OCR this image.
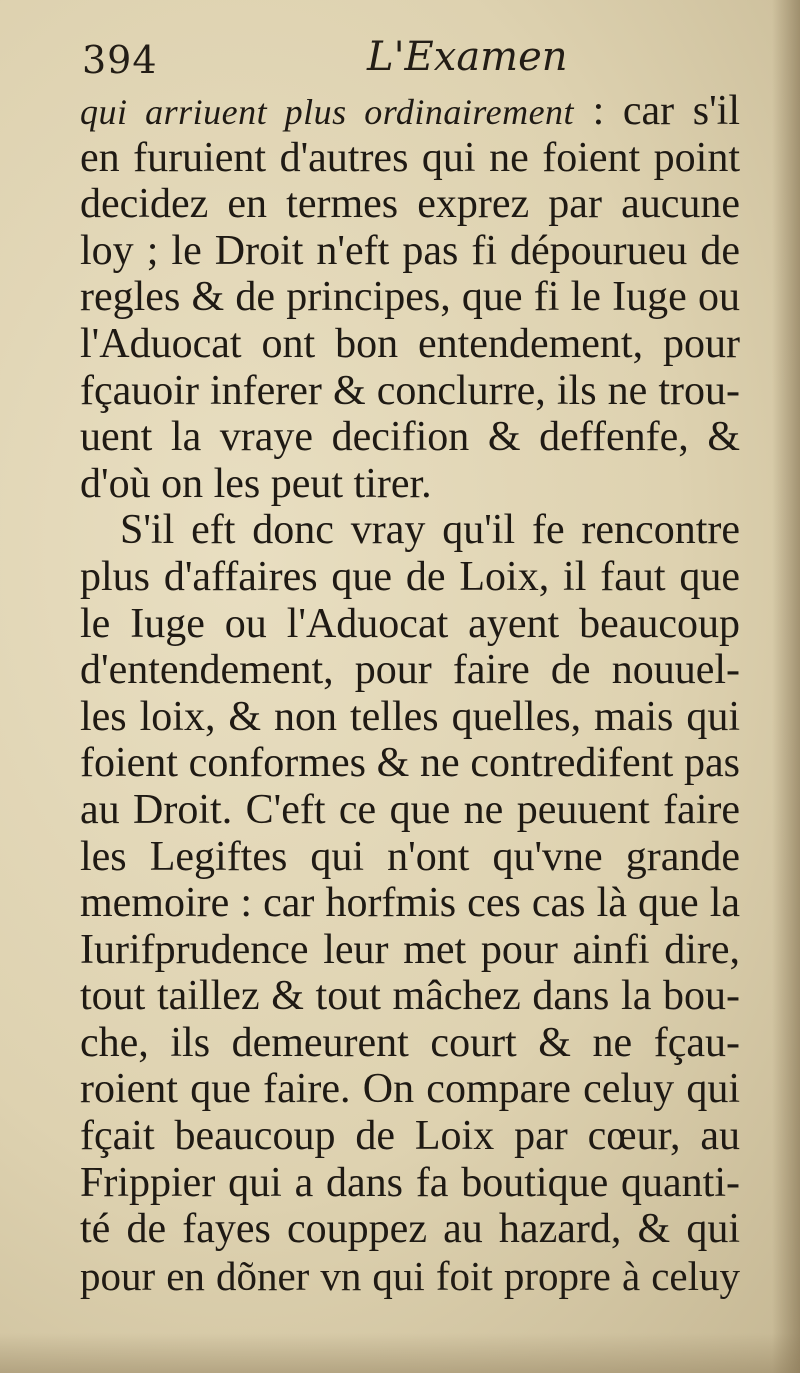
394	L'Examen
qui arriuent plus ordinairement : car s'il
en furuient d'autres qui ne foient point
decidez en termes exprez par aucune
loy ; le Droit n'eft pas fi dépourueu de
regles & de principes, que fi le Iuge ou
l'Aduocat ont bon entendement, pour
fçauoir inferer & conclurre, ils ne trou-
uent la vraye decifion & deffenfe, &
d'où on les peut tirer.
S'il eft donc vray qu'il fe rencontre
plus d'affaires que de Loix, il faut que
le Iuge ou l'Aduocat ayent beaucoup
d'entendement, pour faire de nouuel-
les loix, & non telles quelles, mais qui
foient conformes & ne contredifent pas
au Droit. C'eft ce que ne peuuent faire
les Legiftes qui n'ont qu'vne grande
memoire : car horfmis ces cas là que la
Iurifprudence leur met pour ainfi dire,
tout taillez & tout mâchez dans la bou-
che, ils demeurent court & ne fçau-
roient que faire. On compare celuy qui
fçait beaucoup de Loix par cœur, au
Frippier qui a dans fa boutique quanti-
té de fayes couppez au hazard, & qui
pour en dõner vn qui foit propre à celuy
